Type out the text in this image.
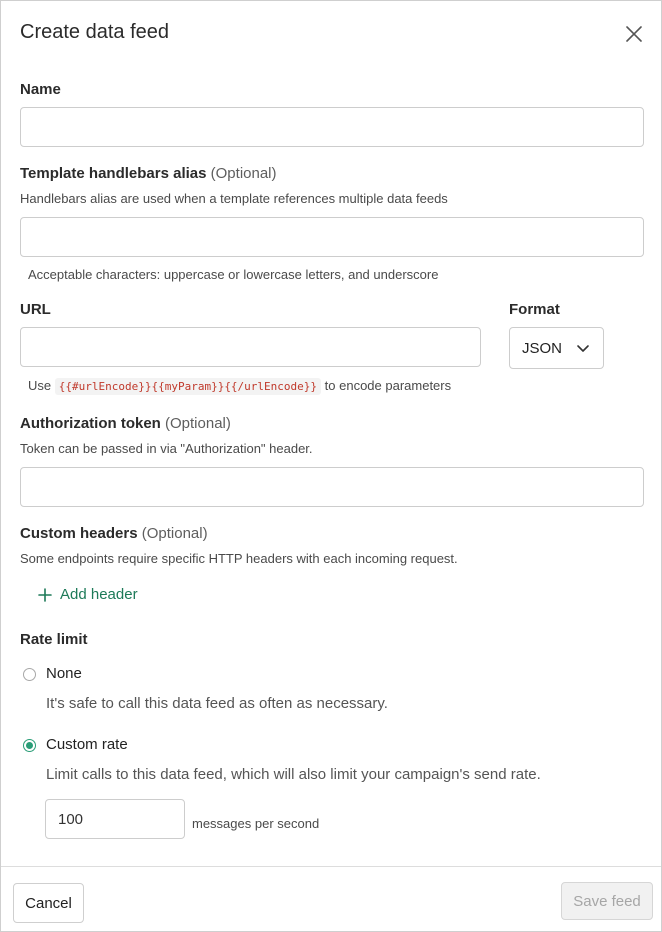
Create data feed
Name
Template handlebars alias (Optional)
Handlebars alias are used when a template references multiple data feeds
Acceptable characters: uppercase or lowercase letters, and underscore
URL
Use {{#urlEncode}}{{myParam}}{{/urlEncode}} to encode parameters
Format
JSON
Authorization token (Optional)
Token can be passed in via "Authorization" header.
Custom headers (Optional)
Some endpoints require specific HTTP headers with each incoming request.
Add header
Rate limit
None
It's safe to call this data feed as often as necessary.
Custom rate
Limit calls to this data feed, which will also limit your campaign's send rate.
100
messages per second
Cancel	Save feed
